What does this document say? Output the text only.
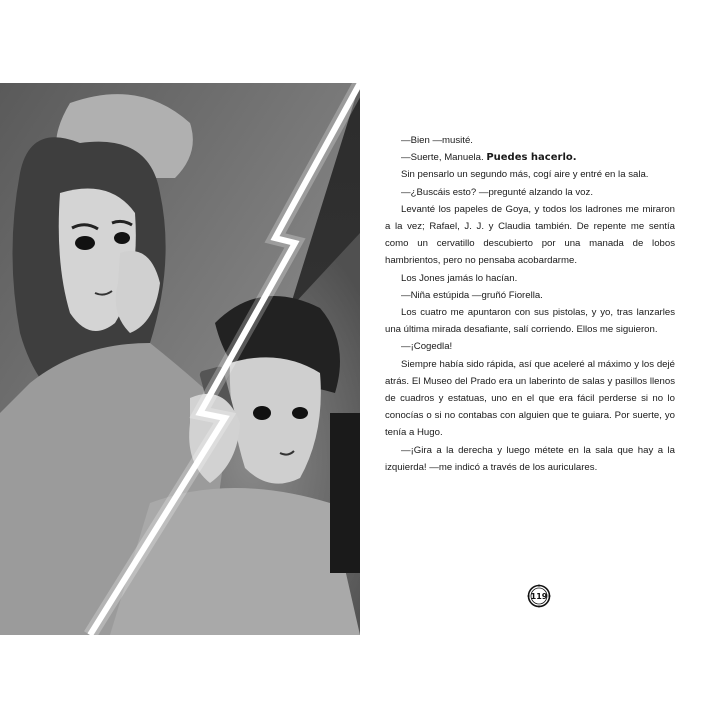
—Bien —musité.

—Suerte, Manuela. Puedes hacerlo.

Sin pensarlo un segundo más, cogí aire y entré en la sala.

—¿Buscáis esto? —pregunté alzando la voz.

Levanté los papeles de Goya, y todos los ladrones me miraron a la vez; Rafael, J. J. y Claudia también. De repente me sentía como un cervatillo descubierto por una manada de lobos hambrientos, pero no pensaba acobardarme.

Los Jones jamás lo hacían.

—Niña estúpida —gruñó Fiorella.

Los cuatro me apuntaron con sus pistolas, y yo, tras lanzarles una última mirada desafiante, salí corriendo. Ellos me siguieron.

—¡Cogedla!

Siempre había sido rápida, así que aceleré al máximo y los dejé atrás. El Museo del Prado era un laberinto de salas y pasillos llenos de cuadros y estatuas, uno en el que era fácil perderse si no lo conocías o si no contabas con alguien que te guiara. Por suerte, yo tenía a Hugo.

—¡Gira a la derecha y luego métete en la sala que hay a la izquierda! —me indicó a través de los auriculares.

119
